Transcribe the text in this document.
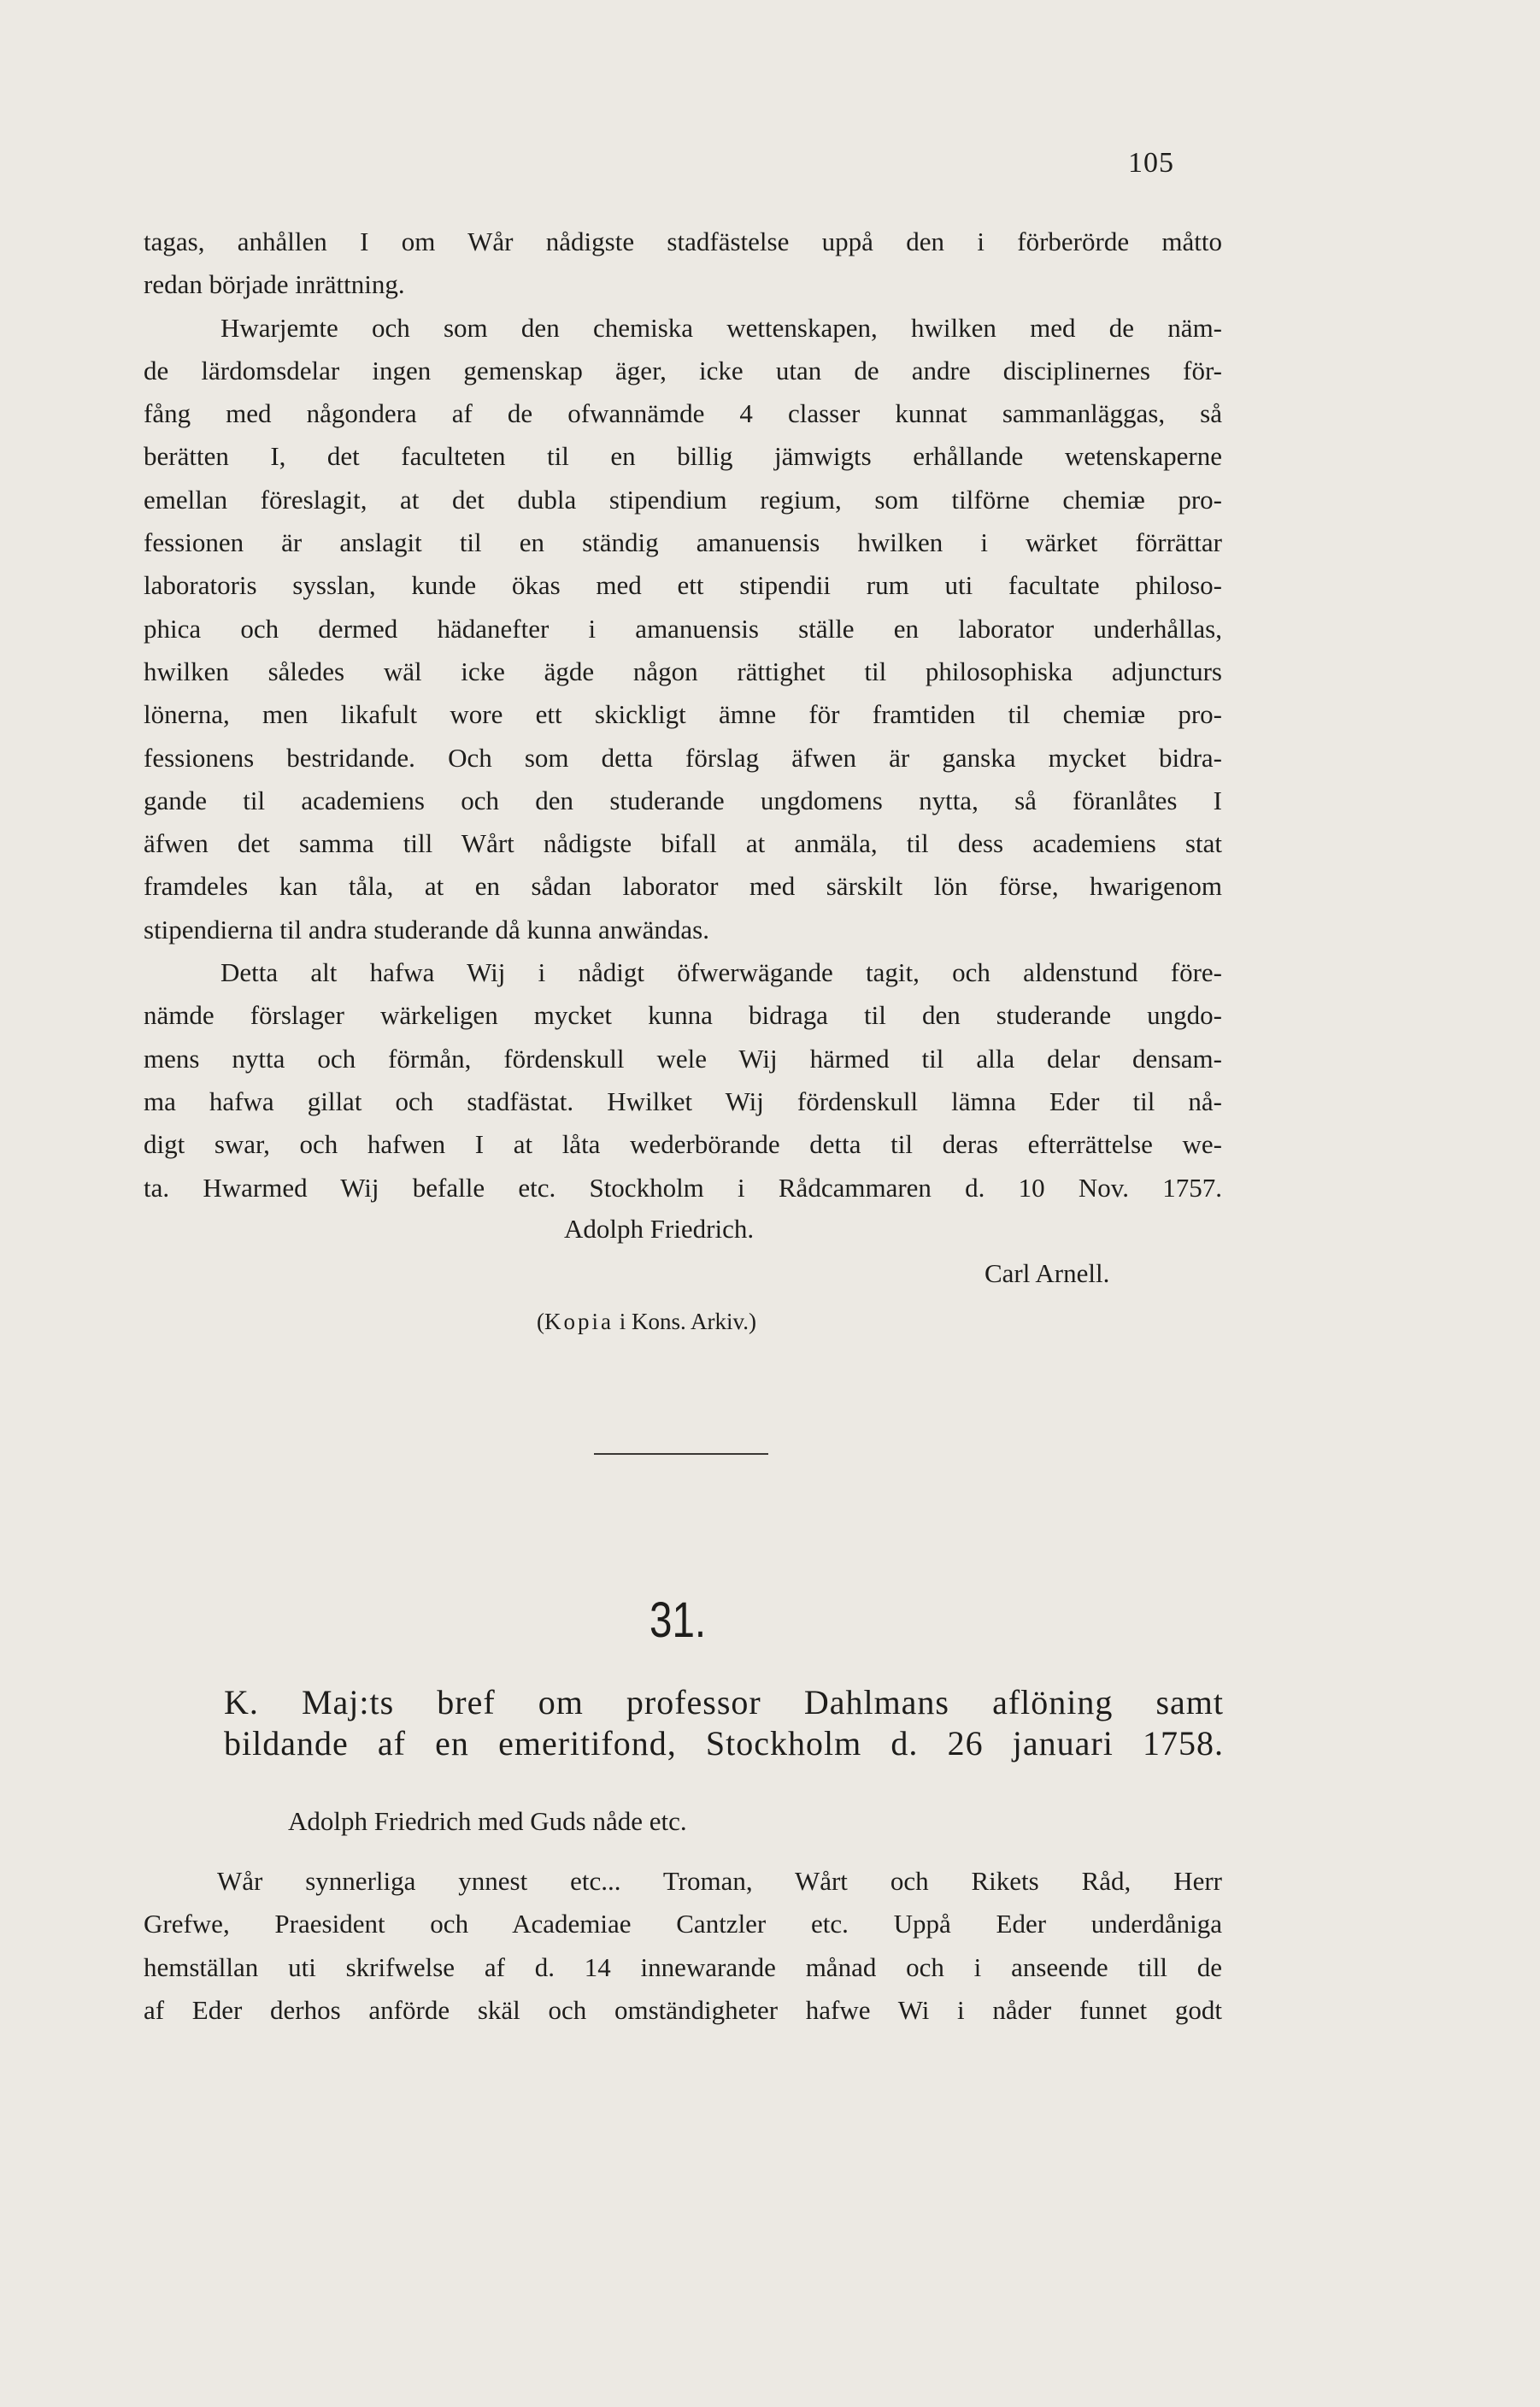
105
tagas, anhållen I om Wår nådigste stadfästelse uppå den i förberörde måtto
redan började inrättning.
Hwarjemte och som den chemiska wettenskapen, hwilken med de näm-
de lärdomsdelar ingen gemenskap äger, icke utan de andre disciplinernes för-
fång med någondera af de ofwannämde 4 classer kunnat sammanläggas, så
berätten I, det faculteten til en billig jämwigts erhållande wetenskaperne
emellan föreslagit, at det dubla stipendium regium, som tilförne chemiæ pro-
fessionen är anslagit til en ständig amanuensis hwilken i wärket förrättar
laboratoris sysslan, kunde ökas med ett stipendii rum uti facultate philoso-
phica och dermed hädanefter i amanuensis ställe en laborator underhållas,
hwilken således wäl icke ägde någon rättighet til philosophiska adjuncturs
lönerna, men likafult wore ett skickligt ämne för framtiden til chemiæ pro-
fessionens bestridande. Och som detta förslag äfwen är ganska mycket bidra-
gande til academiens och den studerande ungdomens nytta, så föranlåtes I
äfwen det samma till Wårt nådigste bifall at anmäla, til dess academiens stat
framdeles kan tåla, at en sådan laborator med särskilt lön förse, hwarigenom
stipendierna til andra studerande då kunna anwändas.
Detta alt hafwa Wij i nådigt öfwerwägande tagit, och aldenstund före-
nämde förslager wärkeligen mycket kunna bidraga til den studerande ungdo-
mens nytta och förmån, fördenskull wele Wij härmed til alla delar densam-
ma hafwa gillat och stadfästat. Hwilket Wij fördenskull lämna Eder til nå-
digt swar, och hafwen I at låta wederbörande detta til deras efterrättelse we-
ta. Hwarmed Wij befalle etc. Stockholm i Rådcammaren d. 10 Nov. 1757.
Adolph Friedrich.
Carl Arnell.
(Kopia i Kons. Arkiv.)
31.
K. Maj:ts bref om professor Dahlmans aflöning samt
bildande af en emeritifond, Stockholm d. 26 januari 1758.
Adolph Friedrich med Guds nåde etc.
Wår synnerliga ynnest etc... Troman, Wårt och Rikets Råd, Herr
Grefwe, Praesident och Academiae Cantzler etc. Uppå Eder underdåniga
hemställan uti skrifwelse af d. 14 innewarande månad och i anseende till de
af Eder derhos anförde skäl och omständigheter hafwe Wi i nåder funnet godt
